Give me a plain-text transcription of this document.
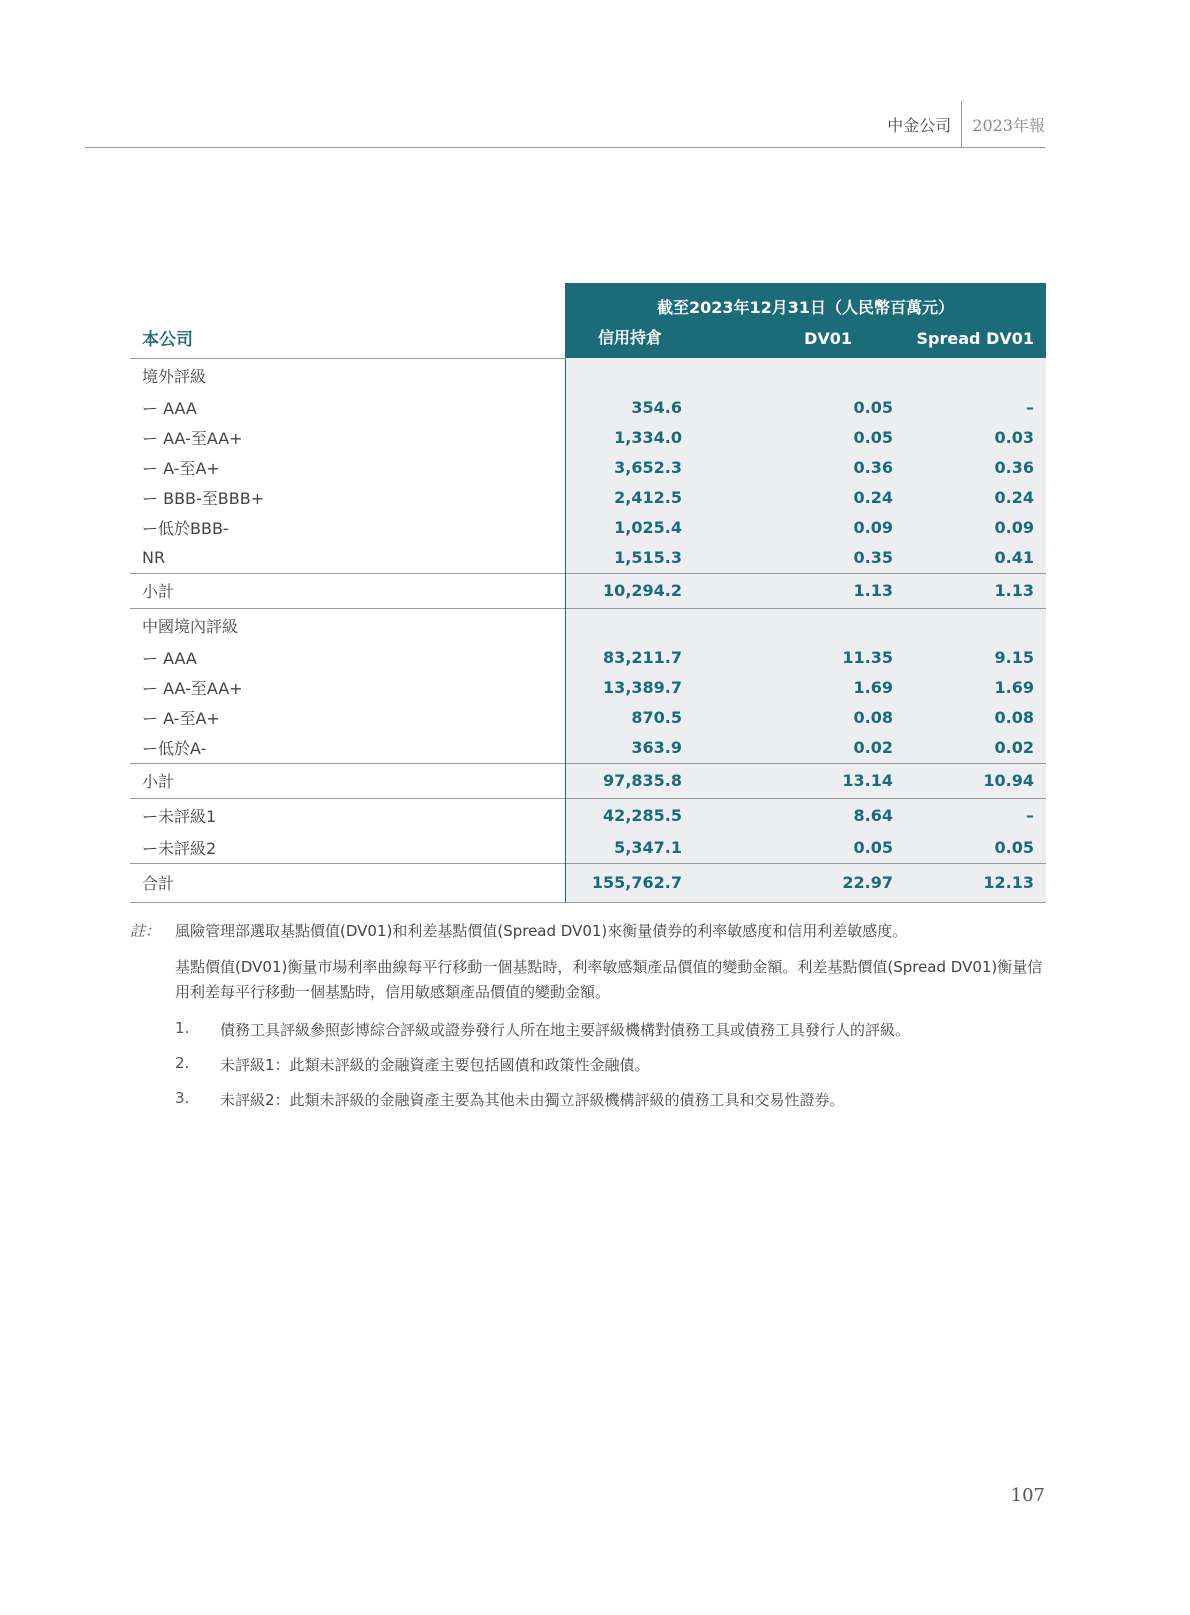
中金公司	2023年報
	截至2023年12月31日（人民幣百萬元）		
本公司	信用持倉	DV01	Spread DV01
境外評級			
ー AAA	354.6	0.05	–
ー AA-至AA+	1,334.0	0.05	0.03
ー A-至A+	3,652.3	0.36	0.36
ー BBB-至BBB+	2,412.5	0.24	0.24
ー低於BBB-	1,025.4	0.09	0.09
NR	1,515.3	0.35	0.41
小計	10,294.2	1.13	1.13
中國境內評級			
ー AAA	83,211.7	11.35	9.15
ー AA-至AA+	13,389.7	1.69	1.69
ー A-至A+	870.5	0.08	0.08
ー低於A-	363.9	0.02	0.02
小計	97,835.8	13.14	10.94
ー未評級1	42,285.5	8.64	–
ー未評級2	5,347.1	0.05	0.05
合計	155,762.7	22.97	12.13
註： 風險管理部選取基點價值(DV01)和利差基點價值(Spread DV01)來衡量債券的利率敏感度和信用利差敏感度。
基點價值(DV01)衡量市場利率曲線每平行移動一個基點時，利率敏感類產品價值的變動金額。利差基點價值(Spread DV01)衡量信用利差每平行移動一個基點時，信用敏感類產品價值的變動金額。
1.	債務工具評級參照彭博綜合評級或證券發行人所在地主要評級機構對債務工具或債務工具發行人的評級。
2.	未評級1：此類未評級的金融資產主要包括國債和政策性金融債。
3.	未評級2：此類未評級的金融資產主要為其他未由獨立評級機構評級的債務工具和交易性證券。
107
